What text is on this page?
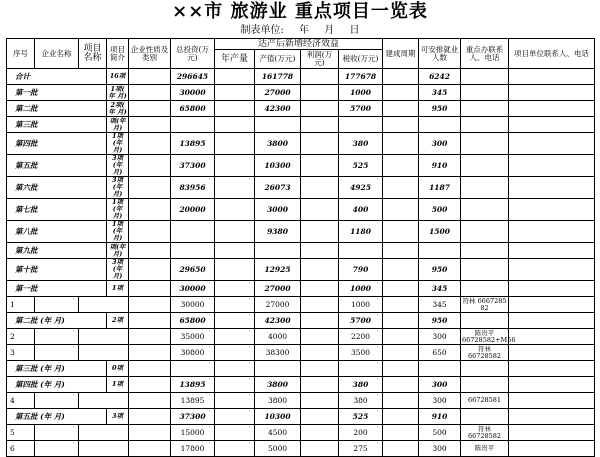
××市 旅游业 重点项目一览表
制表单位: 年 月 日
序号	企业名称	项目名称	项目简介	企业性质及类别	总投资(万元)	达产后新增经济效益				建成周期	可安排就业人数	重点办联系人、电话	项目单位联系人、电话
						年产量	产值(万元)	利润(万元)	税收(万元)				
合计			16项		296645		161778		177678		6242		
第一批			1项( 年 月)		30000		27000		1000		345		
第二批			2项( 年 月)		65800		42300		5700		950		
第三批			项(年 月)										
第四批			1项(年 月)		13895		3800		380		300		
第五批			3项(年 月)		37300		10300		525		910		
第六批			3项(年 月)		83956		26073		4925		1187		
第七批			1项(年 月)		20000		3000		400		500		
第八批			1项(年 月)				9380		1180		1500		
第九批			项(年 月)										
第十批			3项(年 月)		29650		12925		790		950		
第一批			1项		30000		27000		1000		345		
1					30000		27000		1000		345	符林 6667285 82	
第二批 (年 月)			2项		65800		42300		5700		950		
2					35000		4000		2200		300	陈贵平 66728582+M56	
3					30800		38300		3500		650	符林 66728582	
第三批 (年 月)			0项										
第四批 (年 月)			1项		13895		3800		380		300		
4					13895		3800		380		300	66728581	
第五批 (年 月)			3项		37300		10300		525		910		
5					15000		4500		200		500	符林 66728582	
6					17800		5000		275		300	陈贵平	
